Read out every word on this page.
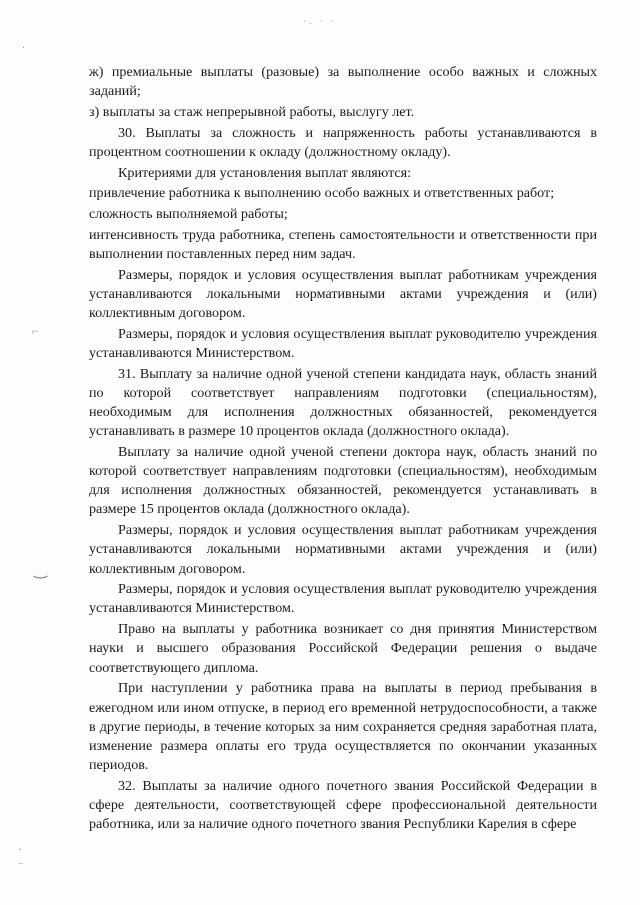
·. · ·
·
⌐
‿
·
⁻

ж) премиальные выплаты (разовые) за выполнение особо важных и сложных заданий;

з) выплаты за стаж непрерывной работы, выслугу лет.

30. Выплаты за сложность и напряженность работы устанавливаются в процентном соотношении к окладу (должностному окладу).

Критериями для установления выплат являются:

привлечение работника к выполнению особо важных и ответственных работ;

сложность выполняемой работы;

интенсивность труда работника, степень самостоятельности и ответственности при выполнении поставленных перед ним задач.

Размеры, порядок и условия осуществления выплат работникам учреждения устанавливаются локальными нормативными актами учреждения и (или) коллективным договором.

Размеры, порядок и условия осуществления выплат руководителю учреждения устанавливаются Министерством.

31. Выплату за наличие одной ученой степени кандидата наук, область знаний по которой соответствует направлениям подготовки (специальностям), необходимым для исполнения должностных обязанностей, рекомендуется устанавливать в размере 10 процентов оклада (должностного оклада).

Выплату за наличие одной ученой степени доктора наук, область знаний по которой соответствует направлениям подготовки (специальностям), необходимым для исполнения должностных обязанностей, рекомендуется устанавливать в размере 15 процентов оклада (должностного оклада).

Размеры, порядок и условия осуществления выплат работникам учреждения устанавливаются локальными нормативными актами учреждения и (или) коллективным договором.

Размеры, порядок и условия осуществления выплат руководителю учреждения устанавливаются Министерством.

Право на выплаты у работника возникает со дня принятия Министерством науки и высшего образования Российской Федерации решения о выдаче соответствующего диплома.

При наступлении у работника права на выплаты в период пребывания в ежегодном или ином отпуске, в период его временной нетрудоспособности, а также в другие периоды, в течение которых за ним сохраняется средняя заработная плата, изменение размера оплаты его труда осуществляется по окончании указанных периодов.

32. Выплаты за наличие одного почетного звания Российской Федерации в сфере деятельности, соответствующей сфере профессиональной деятельности работника, или за наличие одного почетного звания Республики Карелия в сфере
